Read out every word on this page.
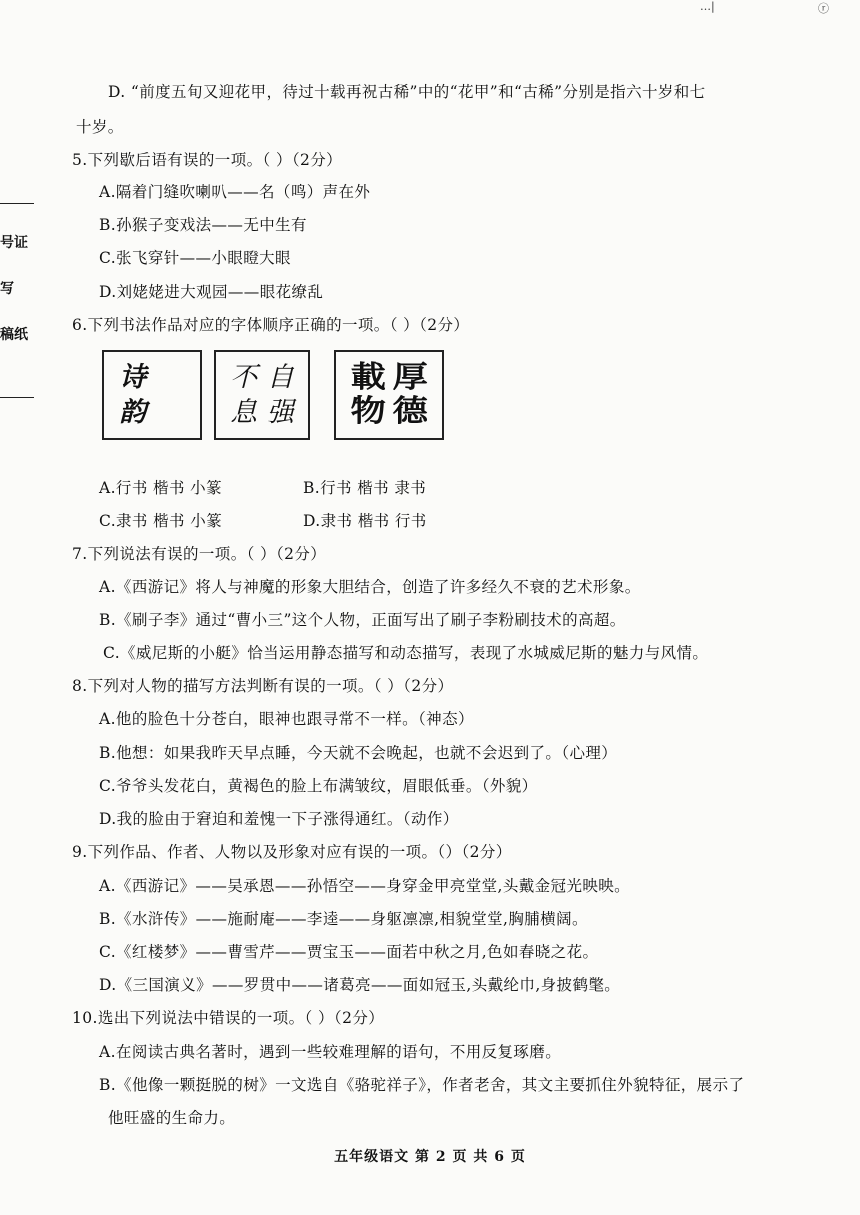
…|	ⓡ
号证
写
稿纸
D. “前度五旬又迎花甲，待过十载再祝古稀”中的“花甲”和“古稀”分别是指六十岁和七
十岁。
5.下列歇后语有误的一项。（ ）（2分）
A.隔着门缝吹喇叭——名（鸣）声在外
B.孙猴子变戏法——无中生有
C.张飞穿针——小眼瞪大眼
D.刘姥姥进大观园——眼花缭乱
6.下列书法作品对应的字体顺序正确的一项。（ ）（2分）
诗
韵
不 自
息 强
載 厚
物 德
A.行书 楷书 小篆	B.行书 楷书 隶书
C.隶书 楷书 小篆	D.隶书 楷书 行书
7.下列说法有误的一项。（ ）（2分）
A.《西游记》将人与神魔的形象大胆结合，创造了许多经久不衰的艺术形象。
B.《刷子李》通过“曹小三”这个人物，正面写出了刷子李粉刷技术的高超。
C.《威尼斯的小艇》恰当运用静态描写和动态描写，表现了水城威尼斯的魅力与风情。
8.下列对人物的描写方法判断有误的一项。（ ）（2分）
A.他的脸色十分苍白，眼神也跟寻常不一样。（神态）
B.他想：如果我昨天早点睡，今天就不会晚起，也就不会迟到了。（心理）
C.爷爷头发花白，黄褐色的脸上布满皱纹，眉眼低垂。（外貌）
D.我的脸由于窘迫和羞愧一下子涨得通红。（动作）
9.下列作品、作者、人物以及形象对应有误的一项。（）（2分）
A.《西游记》——吴承恩——孙悟空——身穿金甲亮堂堂,头戴金冠光映映。
B.《水浒传》——施耐庵——李逵——身躯凛凛,相貌堂堂,胸脯横阔。
C.《红楼梦》——曹雪芹——贾宝玉——面若中秋之月,色如春晓之花。
D.《三国演义》——罗贯中——诸葛亮——面如冠玉,头戴纶巾,身披鹤氅。
10.选出下列说法中错误的一项。（ ）（2分）
A.在阅读古典名著时，遇到一些较难理解的语句，不用反复琢磨。
B.《他像一颗挺脱的树》一文选自《骆驼祥子》，作者老舍，其文主要抓住外貌特征，展示了
他旺盛的生命力。
五年级语文 第 2 页 共 6 页
